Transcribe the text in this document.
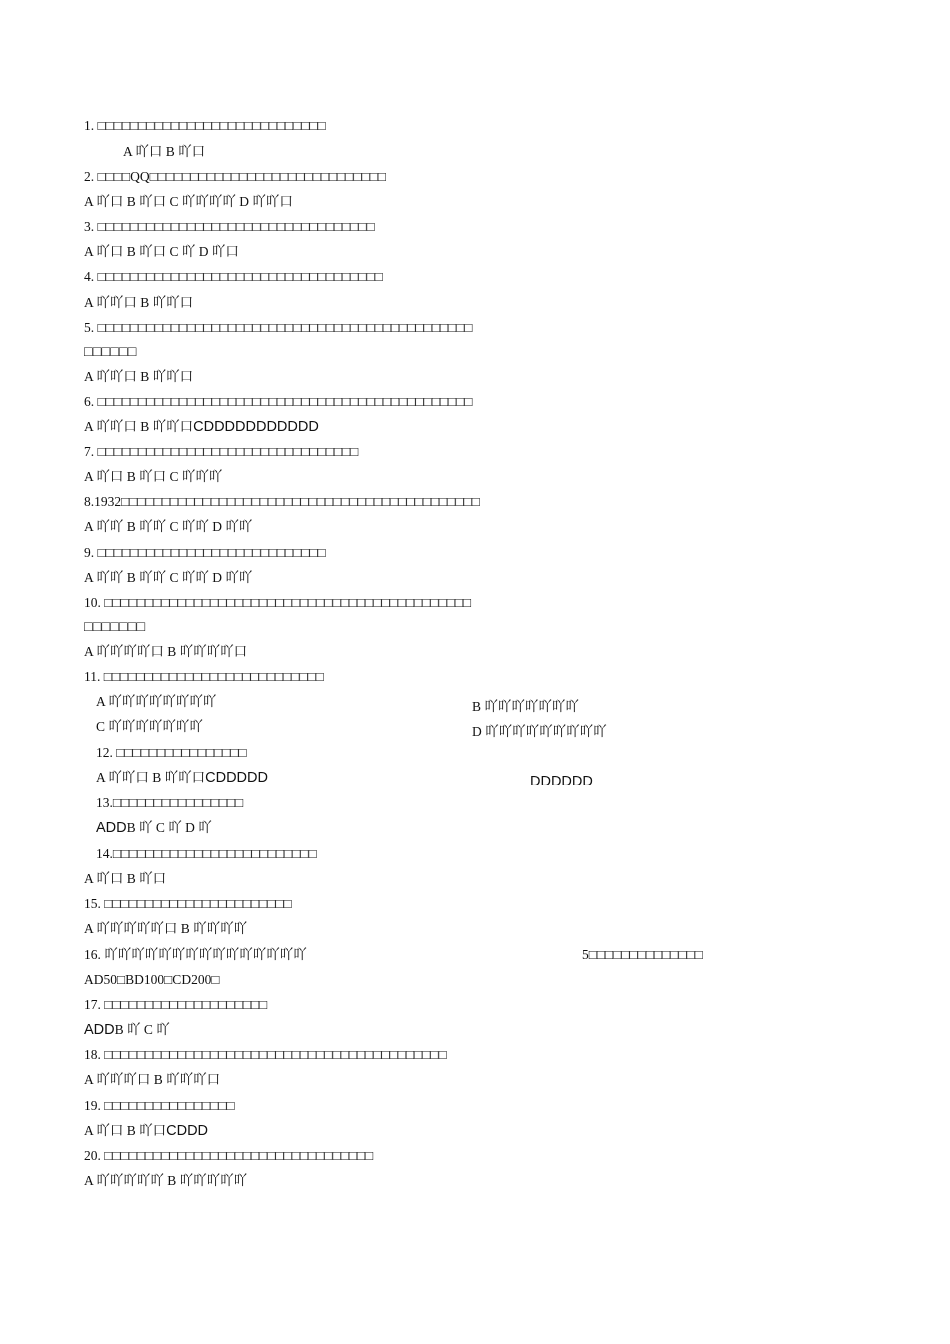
1. □□□□□□□□□□□□□□□□□□□□□□□□□□□□
A 吖口 B 吖口
2. □□□□QQ□□□□□□□□□□□□□□□□□□□□□□□□□□□□□
A 吖口 B 吖口 C 吖吖吖吖 D 吖吖口
3. □□□□□□□□□□□□□□□□□□□□□□□□□□□□□□□□□□
A 吖口 B 吖口 C 吖 D 吖口
4. □□□□□□□□□□□□□□□□□□□□□□□□□□□□□□□□□□□
A 吖吖口 B 吖吖口
5. □□□□□□□□□□□□□□□□□□□□□□□□□□□□□□□□□□□□□□□□□□□□□□
□□□□□□
A 吖吖口 B 吖吖口
6. □□□□□□□□□□□□□□□□□□□□□□□□□□□□□□□□□□□□□□□□□□□□□□
A 吖吖口 B 吖吖口CDDDDDDDDDDD
7. □□□□□□□□□□□□□□□□□□□□□□□□□□□□□□□□
A 吖口 B 吖口 C 吖吖吖
8.1932□□□□□□□□□□□□□□□□□□□□□□□□□□□□□□□□□□□□□□□□□□□□
A 吖吖 B 吖吖 C 吖吖 D 吖吖
A 吖吖 B 吖吖 C 吖吖 D 吖吖
9. □□□□□□□□□□□□□□□□□□□□□□□□□□□□
10. □□□□□□□□□□□□□□□□□□□□□□□□□□□□□□□□□□□□□□□□□□□□□
□□□□□□□
A 吖吖吖吖口 B 吖吖吖吖口
11. □□□□□□□□□□□□□□□□□□□□□□□□□□□
A 吖吖吖吖吖吖吖吖	B 吖吖吖吖吖吖吖
C 吖吖吖吖吖吖吖	D 吖吖吖吖吖吖吖吖吖
12. □□□□□□□□□□□□□□□□
A 吖吖口 B 吖吖口CDDDDD	DDDDDD
13.□□□□□□□□□□□□□□□□
ADDB 吖 C 吖 D 吖
14.□□□□□□□□□□□□□□□□□□□□□□□□□
A 吖口 B 吖口
15. □□□□□□□□□□□□□□□□□□□□□□□
A 吖吖吖吖吖口 B 吖吖吖吖
16. 吖吖吖吖吖吖吖吖吖吖吖吖吖吖吖	5□□□□□□□□□□□□□□
AD50□BD100□CD200□
17. □□□□□□□□□□□□□□□□□□□□
ADDB 吖 C 吖
18. □□□□□□□□□□□□□□□□□□□□□□□□□□□□□□□□□□□□□□□□□□
A 吖吖吖口 B 吖吖吖口
19. □□□□□□□□□□□□□□□□
A 吖口 B 吖口CDDD
20. □□□□□□□□□□□□□□□□□□□□□□□□□□□□□□□□□
A 吖吖吖吖吖 B 吖吖吖吖吖
